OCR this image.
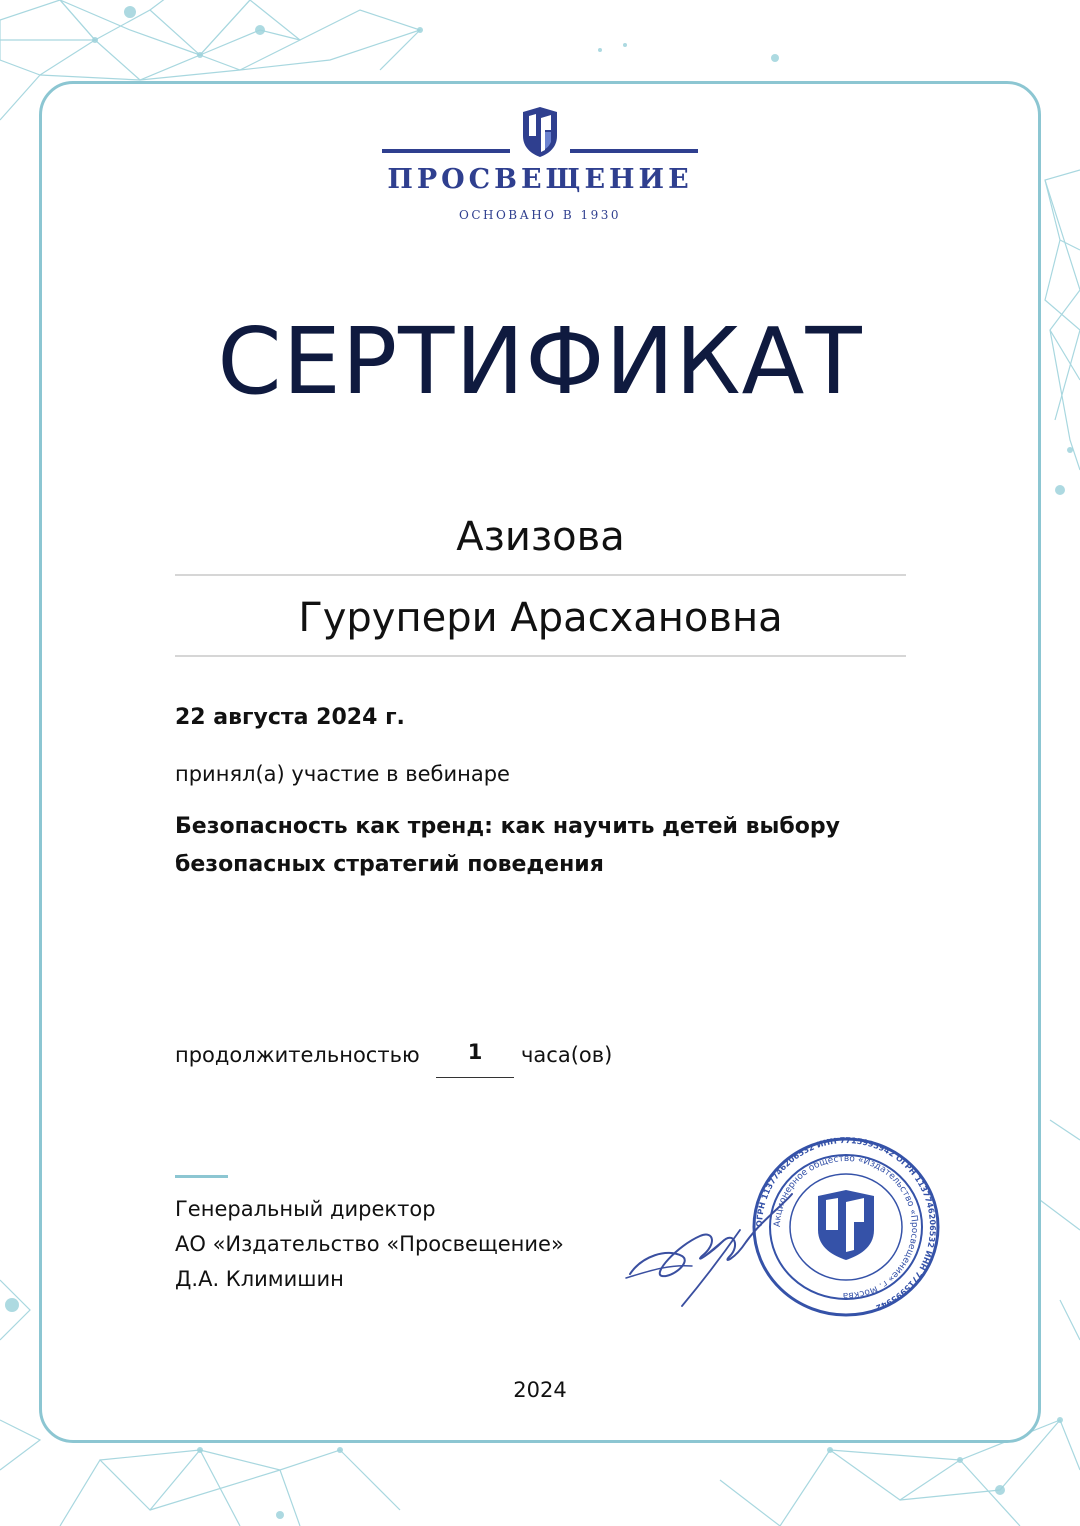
ПРОСВЕЩЕНИЕ
ОСНОВАНО В 1930
СЕРТИФИКАТ
Азизова
Гурупери Арасхановна
22 августа 2024 г.
принял(а) участие в вебинаре
Безопасность как тренд: как научить детей выбору
безопасных стратегий поведения
продолжительностью	1	часа(ов)
Генеральный директор
АО «Издательство «Просвещение»
Д.А. Климишин
ОГРН 1137746206532 ИНН 7715995942 ОГРН 1137746206532 ИНН 7715995942
Акционерное общество «Издательство «Просвещение» г. Москва
2024
